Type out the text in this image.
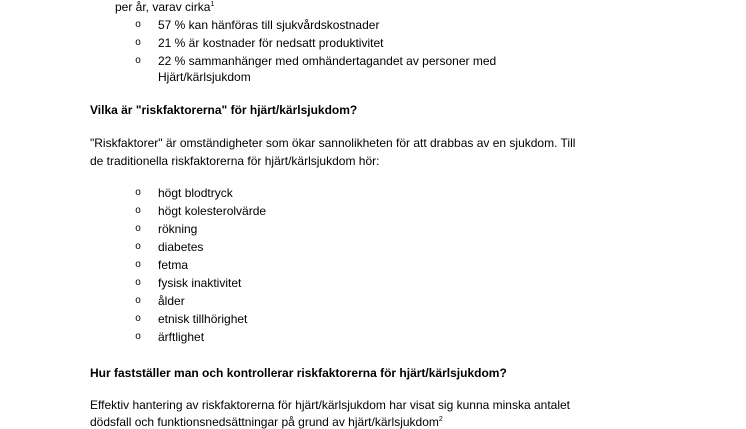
per år, varav cirka$^1$
o 57 % kan hänföras till sjukvårdskostnader
o 21 % är kostnader för nedsatt produktivitet
o 22 % sammanhänger med omhändertagandet av personer med
Hjärt/kärlsjukdom
Vilka är "riskfaktorerna" för hjärt/kärlsjukdom?
"Riskfaktorer" är omständigheter som ökar sannolikheten för att drabbas av en sjukdom. Till
de traditionella riskfaktorerna för hjärt/kärlsjukdom hör:
o högt blodtryck
o högt kolesterolvärde
o rökning
o diabetes
o fetma
o fysisk inaktivitet
o ålder
o etnisk tillhörighet
o ärftlighet
Hur fastställer man och kontrollerar riskfaktorerna för hjärt/kärlsjukdom?
Effektiv hantering av riskfaktorerna för hjärt/kärlsjukdom har visat sig kunna minska antalet
dödsfall och funktionsnedsättningar på grund av hjärt/kärlsjukdom$^2$
